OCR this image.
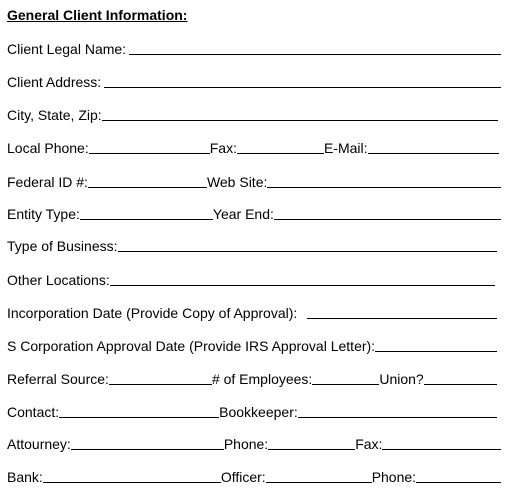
General Client Information:
Client Legal Name:
Client Address:
City, State, Zip:
Local Phone:	Fax:	E-Mail:
Federal ID #:	Web Site:
Entity Type:	Year End:
Type of Business:
Other Locations:
Incorporation Date (Provide Copy of Approval):
S Corporation Approval Date (Provide IRS Approval Letter):
Referral Source:	# of Employees:	Union?
Contact:	Bookkeeper:
Attourney:	Phone:	Fax:
Bank:	Officer:	Phone:
